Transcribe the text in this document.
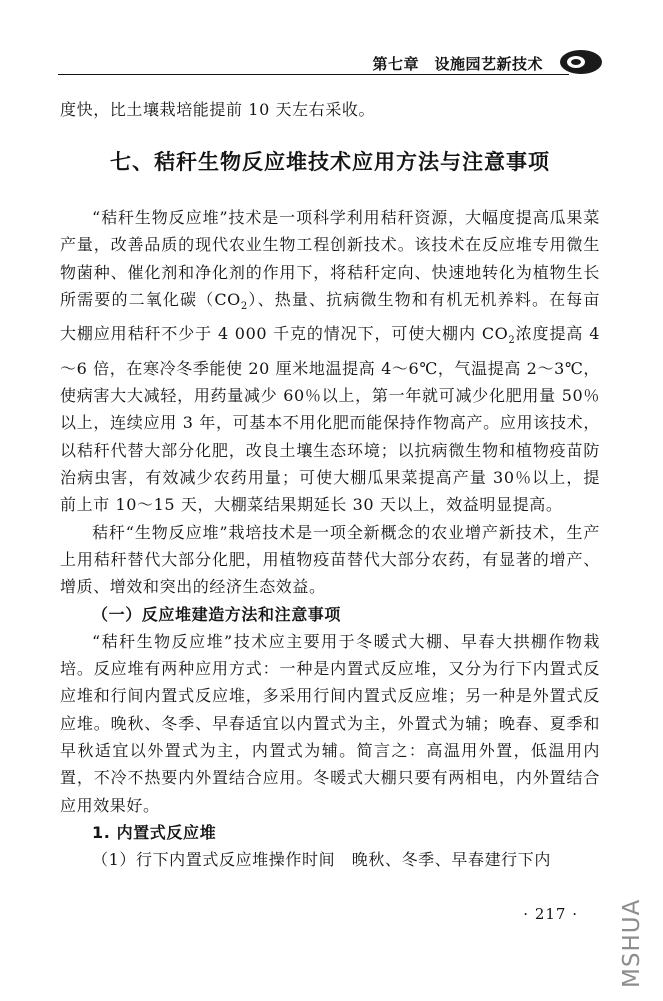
第七章　设施园艺新技术

度快，比土壤栽培能提前 10 天左右采收。

七、秸秆生物反应堆技术应用方法与注意事项

“秸秆生物反应堆”技术是一项科学利用秸秆资源，大幅度提高瓜果菜产量，改善品质的现代农业生物工程创新技术。该技术在反应堆专用微生物菌种、催化剂和净化剂的作用下，将秸秆定向、快速地转化为植物生长所需要的二氧化碳$(CO_2)$、热量、抗病微生物和有机无机养料。在每亩大棚应用秸秆不少于 4 000 千克的情况下，可使大棚内 $CO_2$浓度提高 4～6 倍，在寒冷冬季能使 20 厘米地温提高 4～6℃，气温提高 2～3℃，使病害大大减轻，用药量减少 60％以上，第一年就可减少化肥用量 50％以上，连续应用 3 年，可基本不用化肥而能保持作物高产。应用该技术，以秸秆代替大部分化肥，改良土壤生态环境；以抗病微生物和植物疫苗防治病虫害，有效减少农药用量；可使大棚瓜果菜提高产量 30％以上，提前上市 10～15 天，大棚菜结果期延长 30 天以上，效益明显提高。

秸秆“生物反应堆”栽培技术是一项全新概念的农业增产新技术，生产上用秸秆替代大部分化肥，用植物疫苗替代大部分农药，有显著的增产、增质、增效和突出的经济生态效益。

（一）反应堆建造方法和注意事项

“秸秆生物反应堆”技术应主要用于冬暖式大棚、早春大拱棚作物栽培。反应堆有两种应用方式：一种是内置式反应堆，又分为行下内置式反应堆和行间内置式反应堆，多采用行间内置式反应堆；另一种是外置式反应堆。晚秋、冬季、早春适宜以内置式为主，外置式为辅；晚春、夏季和早秋适宜以外置式为主，内置式为辅。简言之：高温用外置，低温用内置，不冷不热要内外置结合应用。冬暖式大棚只要有两相电，内外置结合应用效果好。

1. 内置式反应堆

（1）行下内置式反应堆操作时间　晚秋、冬季、早春建行下内

· 217 · MSHUA
